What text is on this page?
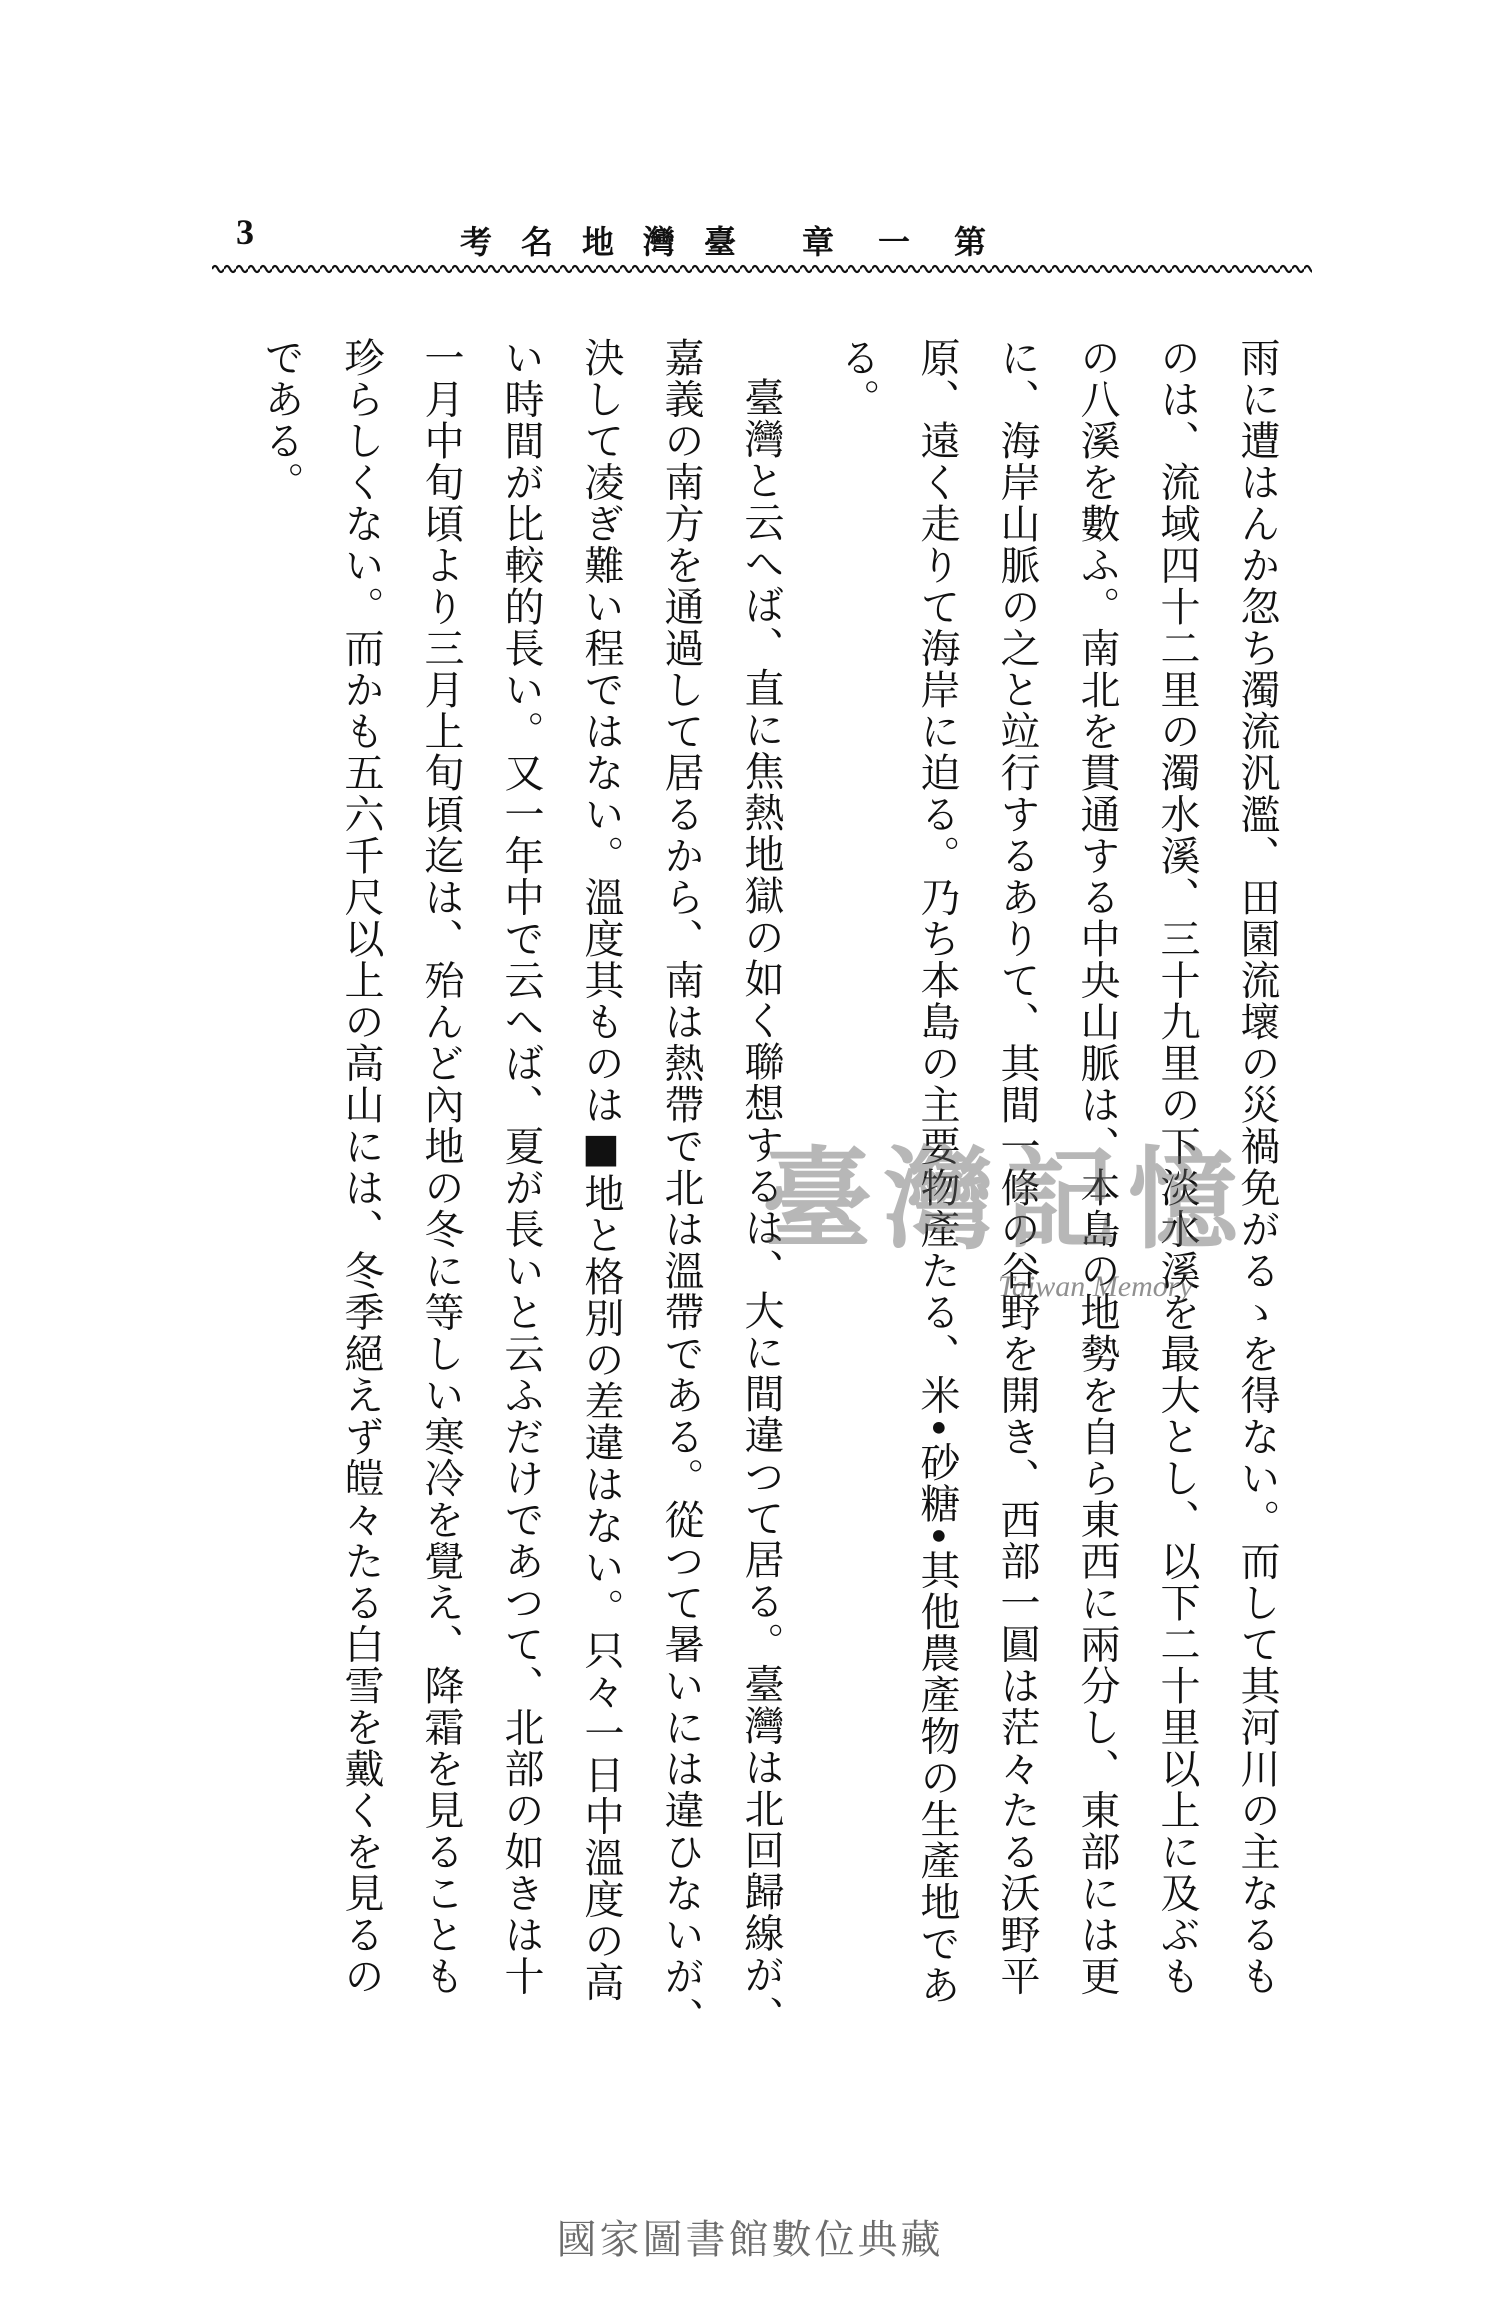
3	第一章
臺灣地名考
雨に遭はんか忽ち濁流汎濫、田園流壞の災禍免がるゝを得ない。而して其河川の主なるも
のは、流域四十二里の濁水溪、三十九里の下淡水溪を最大とし、以下二十里以上に及ぶも
の八溪を數ふ。南北を貫通する中央山脈は、本島の地勢を自ら東西に兩分し、東部には更
に、海岸山脈の之と竝行するありて、其間一條の谷野を開き、西部一圓は茫々たる沃野平
原、遠く走りて海岸に迫る。乃ち本島の主要物產たる、米•砂糖•其他農產物の生產地であ
る。
臺灣と云へば、直に焦熱地獄の如く聯想するは、大に間違つて居る。臺灣は北回歸線が、
嘉義の南方を通過して居るから、南は熱帶で北は溫帶である。從つて暑いには違ひないが、
決して凌ぎ難い程ではない。溫度其ものは■地と格別の差違はない。只々一日中溫度の高
い時間が比較的長い。又一年中で云へば、夏が長いと云ふだけであつて、北部の如きは十
一月中旬頃より三月上旬頃迄は、殆んど內地の冬に等しい寒冷を覺え、降霜を見ることも
珍らしくない。而かも五六千尺以上の高山には、冬季絕えず皚々たる白雪を戴くを見るの
である。
臺灣記憶
Taiwan Memory
國家圖書館數位典藏
